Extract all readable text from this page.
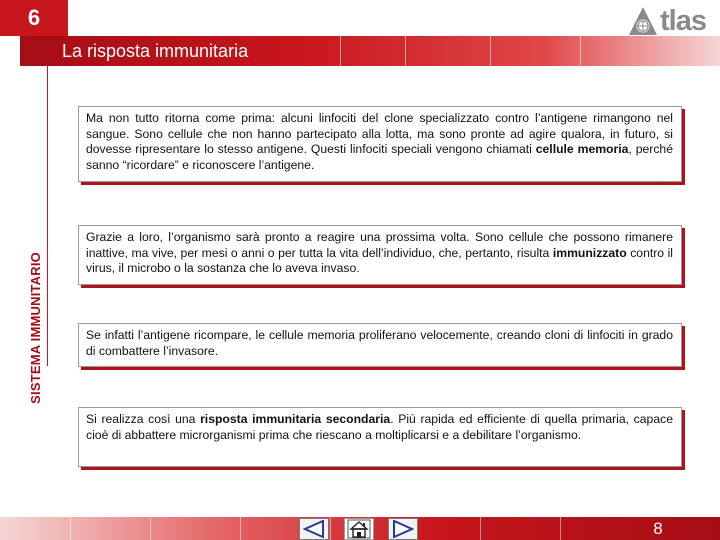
6	tlas
La risposta immunitaria
SISTEMA IMMUNITARIO

Ma non tutto ritorna come prima: alcuni linfociti del clone specializzato contro l’antigene rimangono nel sangue. Sono cellule che non hanno partecipato alla lotta, ma sono pronte ad agire qualora, in futuro, si dovesse ripresentare lo stesso antigene. Questi linfociti speciali vengono chiamati cellule memoria, perché sanno “ricordare” e riconoscere l’antigene.

Grazie a loro, l’organismo sarà pronto a reagire una prossima volta. Sono cellule che possono rimanere inattive, ma vive, per mesi o anni o per tutta la vita dell’individuo, che, pertanto, risulta immunizzato contro il virus, il microbo o la sostanza che lo aveva invaso.

Se infatti l’antigene ricompare, le cellule memoria proliferano velocemente, creando cloni di linfociti in grado di combattere l’invasore.

Si realizza così una risposta immunitaria secondaria. Più rapida ed efficiente di quella primaria, capace cioè di abbattere microrganismi prima che riescano a moltiplicarsi e a debilitare l’organismo.

8
